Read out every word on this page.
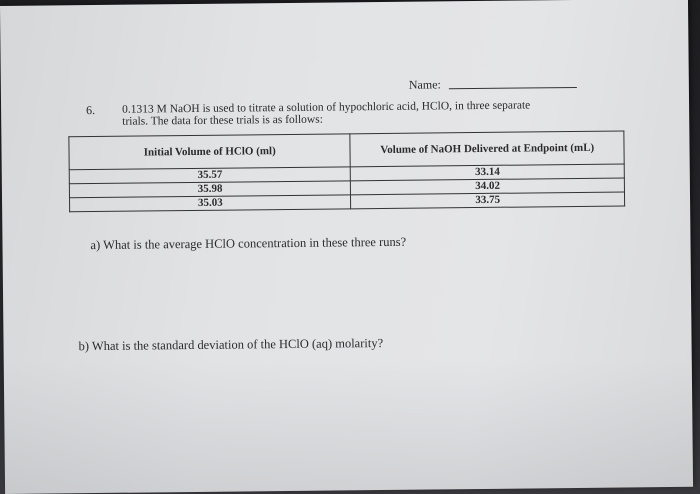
Name:
6. 0.1313 M NaOH is used to titrate a solution of hypochloric acid, HClO, in three separate
trials. The data for these trials is as follows:
Initial Volume of HClO (ml)	Volume of NaOH Delivered at Endpoint (mL)
35.57	33.14
35.98	34.02
35.03	33.75
a) What is the average HClO concentration in these three runs?
b) What is the standard deviation of the HClO (aq) molarity?
